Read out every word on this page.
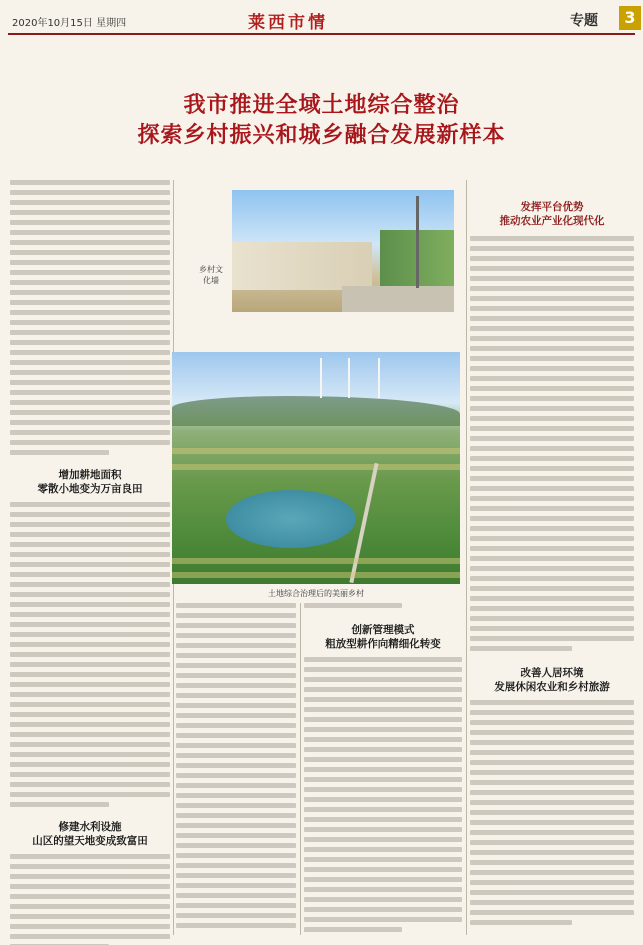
2020年10月15日 星期四	莱西市情	专题	3
我市推进全域土地综合整治
探索乡村振兴和城乡融合发展新样本
增加耕地面积
零散小地变为万亩良田
修建水利设施
山区的望天地变成致富田
乡村文化墙
土地综合治理后的美丽乡村
创新管理模式
粗放型耕作向精细化转变
发挥平台优势
推动农业产业化现代化
改善人居环境
发展休闲农业和乡村旅游
